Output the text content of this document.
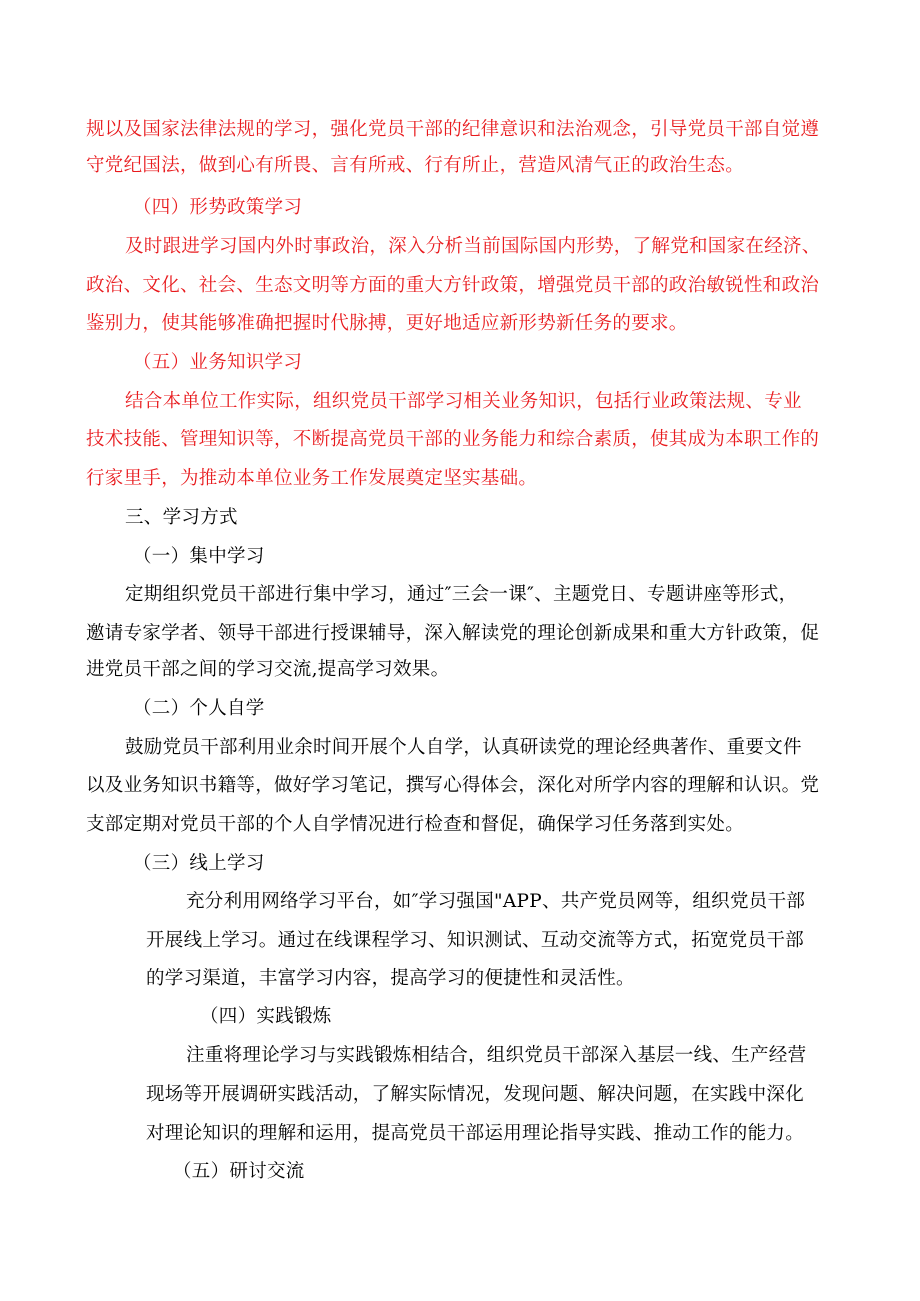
规以及国家法律法规的学习，强化党员干部的纪律意识和法治观念，引导党员干部自觉遵
守党纪国法，做到心有所畏、言有所戒、行有所止，营造风清气正的政治生态。
（四）形势政策学习
及时跟进学习国内外时事政治，深入分析当前国际国内形势，了解党和国家在经济、
政治、文化、社会、生态文明等方面的重大方针政策，增强党员干部的政治敏锐性和政治
鉴别力，使其能够准确把握时代脉搏，更好地适应新形势新任务的要求。
（五）业务知识学习
结合本单位工作实际，组织党员干部学习相关业务知识，包括行业政策法规、专业
技术技能、管理知识等，不断提高党员干部的业务能力和综合素质，使其成为本职工作的
行家里手，为推动本单位业务工作发展奠定坚实基础。
三、学习方式
（一）集中学习
定期组织党员干部进行集中学习，通过″三会一课″、主题党日、专题讲座等形式，
邀请专家学者、领导干部进行授课辅导，深入解读党的理论创新成果和重大方针政策，促
进党员干部之间的学习交流,提高学习效果。
（二）个人自学
鼓励党员干部利用业余时间开展个人自学，认真研读党的理论经典著作、重要文件
以及业务知识书籍等，做好学习笔记，撰写心得体会，深化对所学内容的理解和认识。党
支部定期对党员干部的个人自学情况进行检查和督促，确保学习任务落到实处。
（三）线上学习
充分利用网络学习平台，如″学习强国"APP、共产党员网等，组织党员干部
开展线上学习。通过在线课程学习、知识测试、互动交流等方式，拓宽党员干部
的学习渠道，丰富学习内容，提高学习的便捷性和灵活性。
（四）实践锻炼
注重将理论学习与实践锻炼相结合，组织党员干部深入基层一线、生产经营
现场等开展调研实践活动，了解实际情况，发现问题、解决问题，在实践中深化
对理论知识的理解和运用，提高党员干部运用理论指导实践、推动工作的能力。
（五）研讨交流
